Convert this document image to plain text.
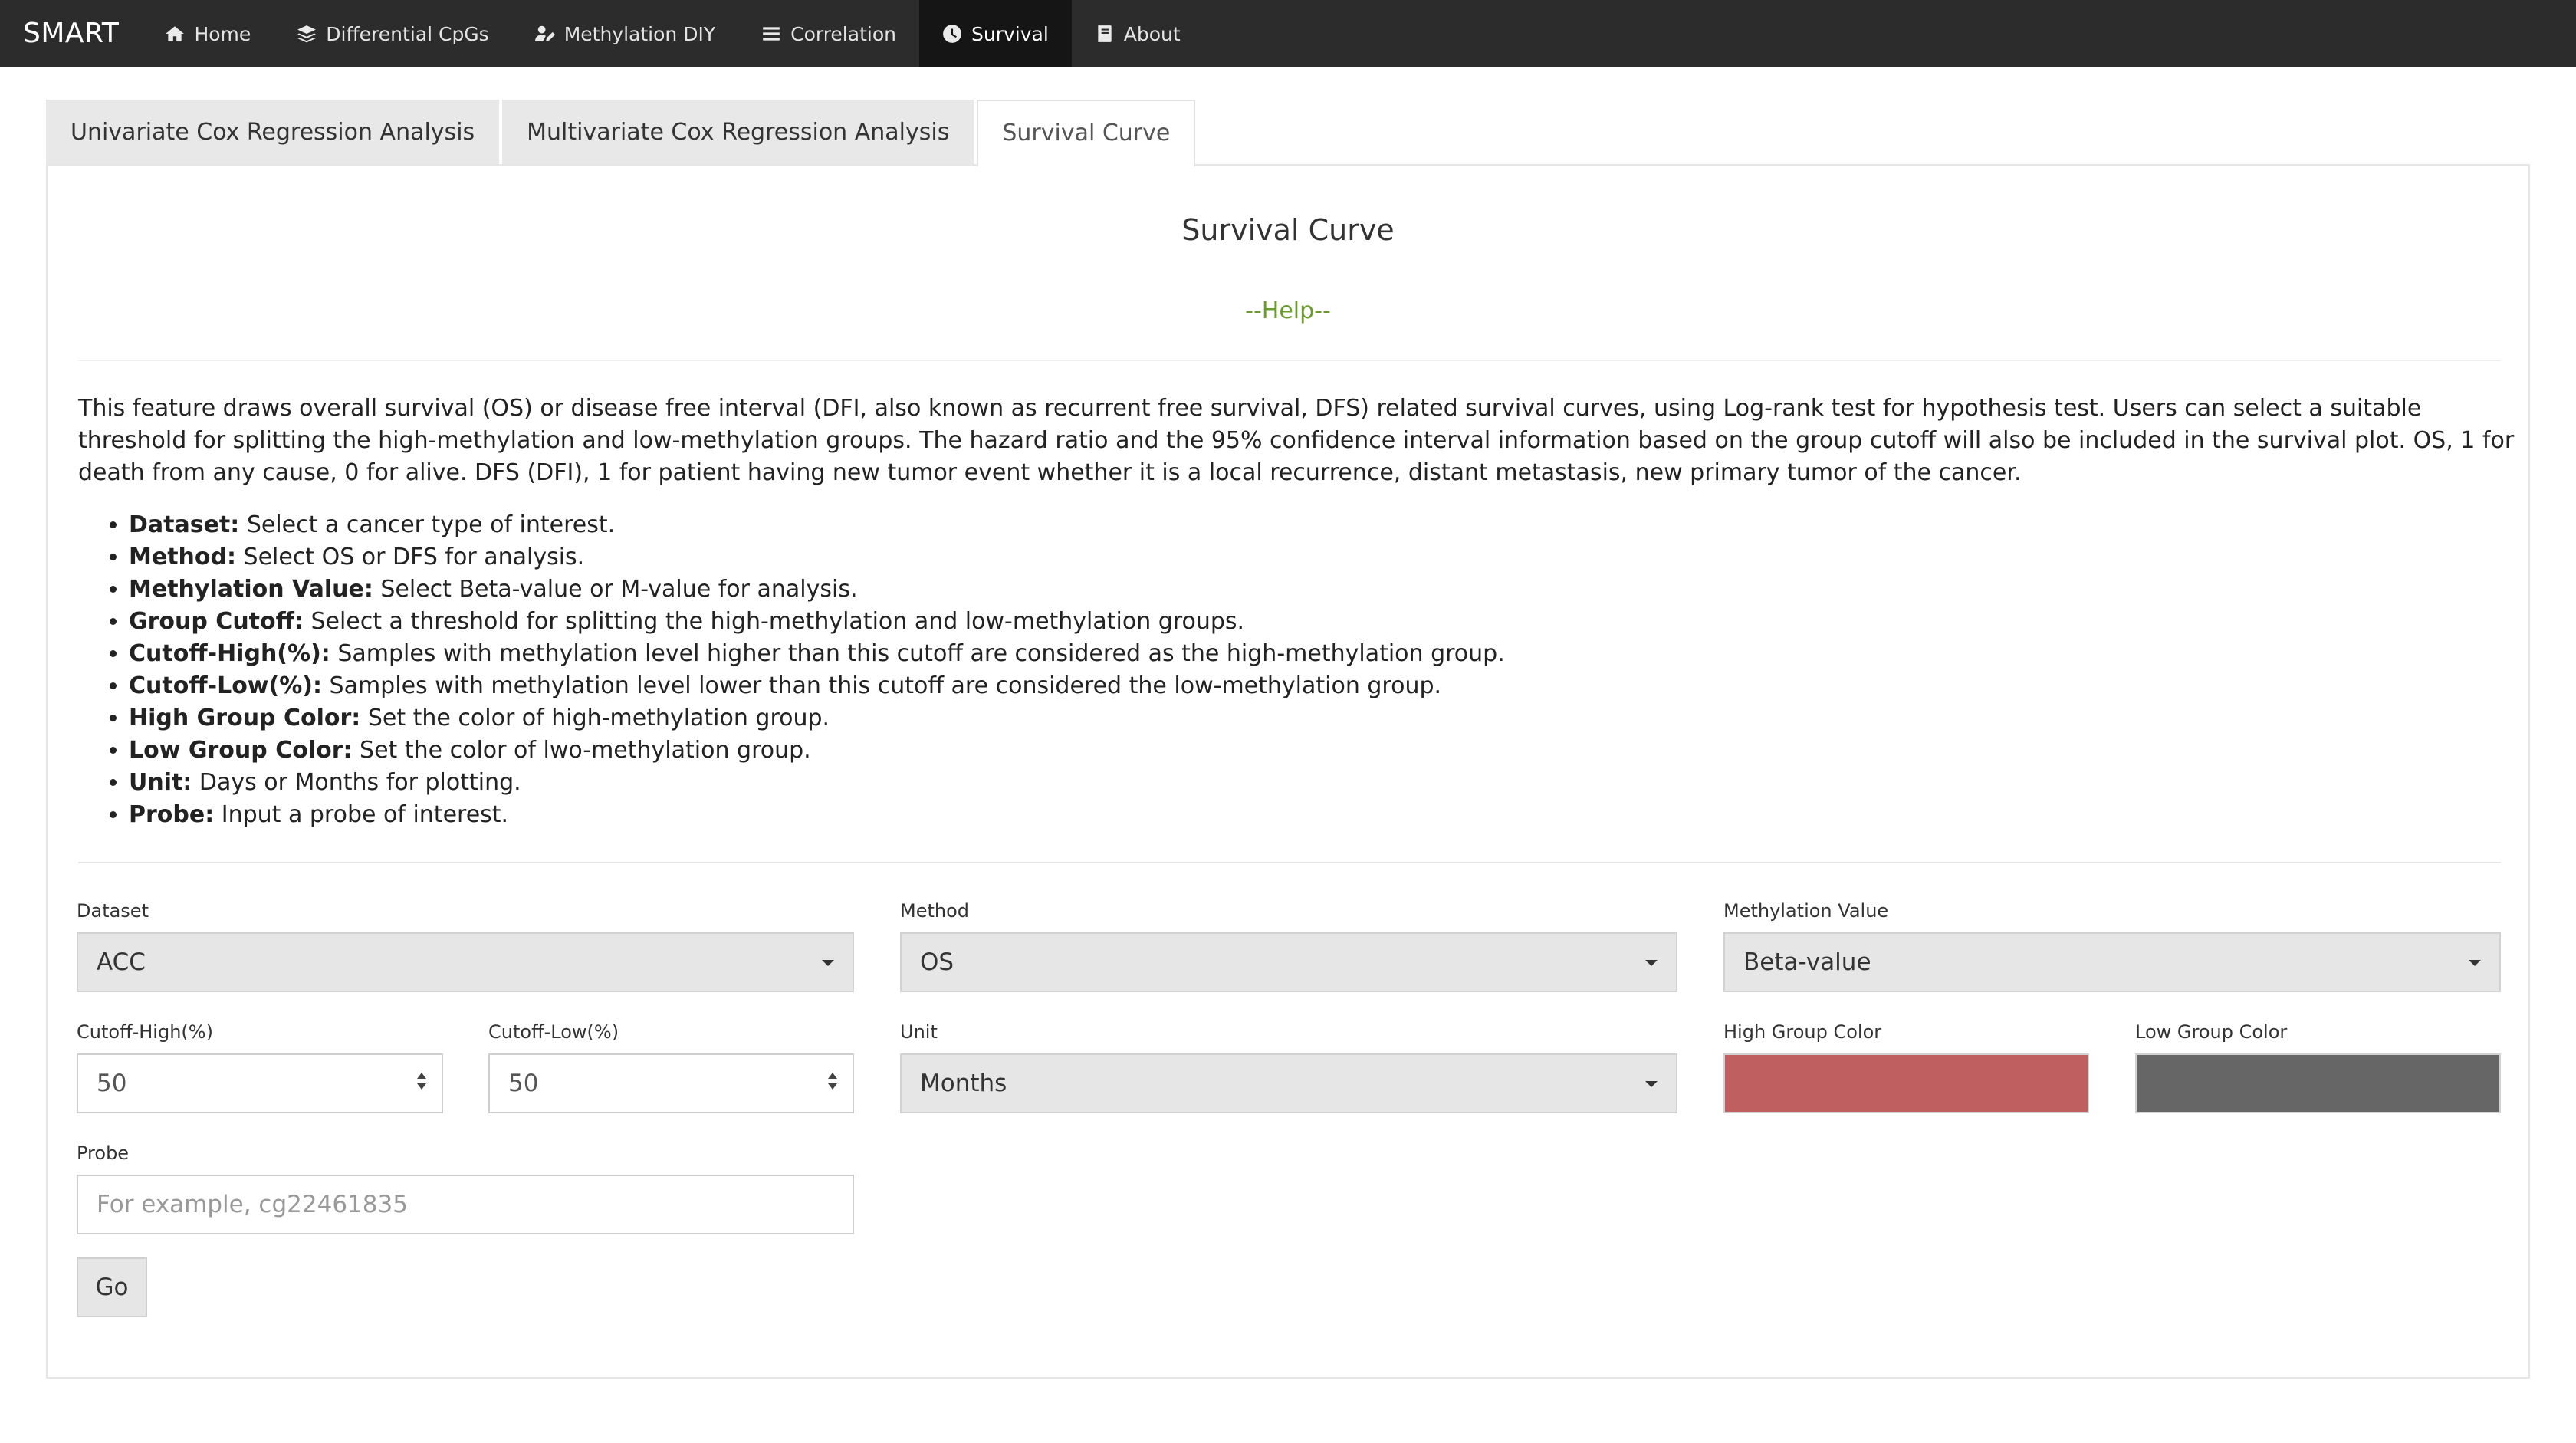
SMART	Home	Differential CpGs	Methylation DIY	Correlation	Survival	About
Univariate Cox Regression Analysis	Multivariate Cox Regression Analysis	Survival Curve
Survival Curve
--Help--

This feature draws overall survival (OS) or disease free interval (DFI, also known as recurrent free survival, DFS) related survival curves, using Log-rank test for hypothesis test. Users can select a suitable threshold for splitting the high-methylation and low-methylation groups. The hazard ratio and the 95% confidence interval information based on the group cutoff will also be included in the survival plot. OS, 1 for death from any cause, 0 for alive. DFS (DFI), 1 for patient having new tumor event whether it is a local recurrence, distant metastasis, new primary tumor of the cancer.

• Dataset: Select a cancer type of interest.
• Method: Select OS or DFS for analysis.
• Methylation Value: Select Beta-value or M-value for analysis.
• Group Cutoff: Select a threshold for splitting the high-methylation and low-methylation groups.
• Cutoff-High(%): Samples with methylation level higher than this cutoff are considered as the high-methylation group.
• Cutoff-Low(%): Samples with methylation level lower than this cutoff are considered the low-methylation group.
• High Group Color: Set the color of high-methylation group.
• Low Group Color: Set the color of lwo-methylation group.
• Unit: Days or Months for plotting.
• Probe: Input a probe of interest.
Dataset
ACC
Method
OS
Methylation Value
Beta-value
Cutoff-High(%)
50
Cutoff-Low(%)
50
Unit
Months
High Group Color	Low Group Color
Probe
For example, cg22461835
Go
